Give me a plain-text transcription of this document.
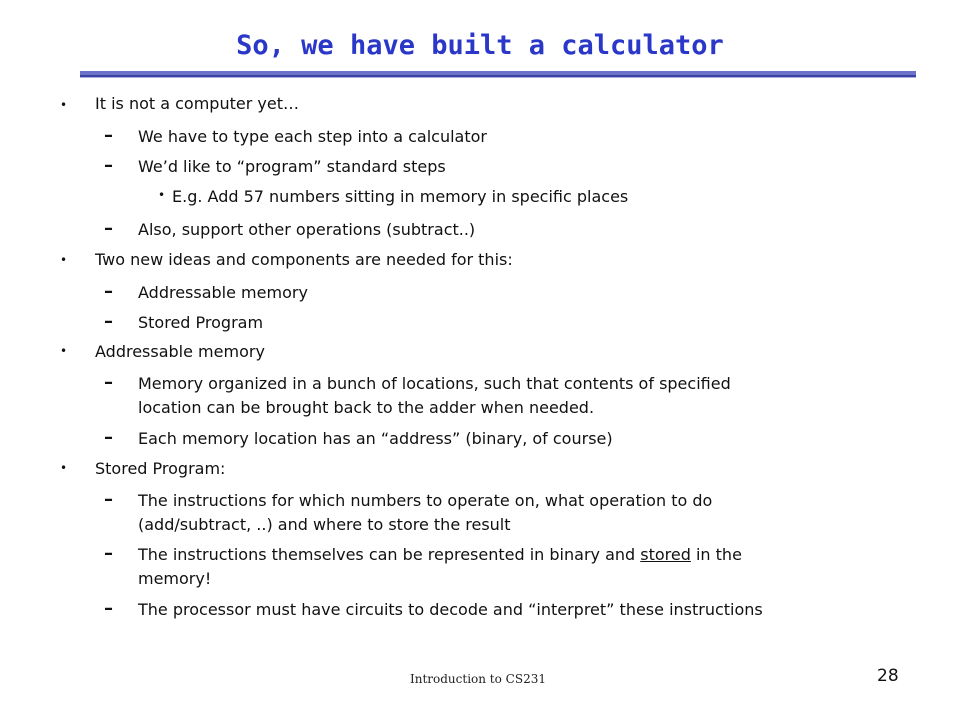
So, we have built a calculator
• It is not a computer yet…
– We have to type each step into a calculator
– We’d like to “program” standard steps
• E.g. Add 57 numbers sitting in memory in specific places
– Also, support other operations (subtract..)
• Two new ideas and components are needed for this:
– Addressable memory
– Stored Program
• Addressable memory
– Memory organized in a bunch of locations, such that contents of specified
location can be brought back to the adder when needed.
– Each memory location has an “address” (binary, of course)
• Stored Program:
– The instructions for which numbers to operate on, what operation to do
(add/subtract, ..) and where to store the result
– The instructions themselves can be represented in binary and stored in the
memory!
– The processor must have circuits to decode and “interpret” these instructions
Introduction to CS231	28
